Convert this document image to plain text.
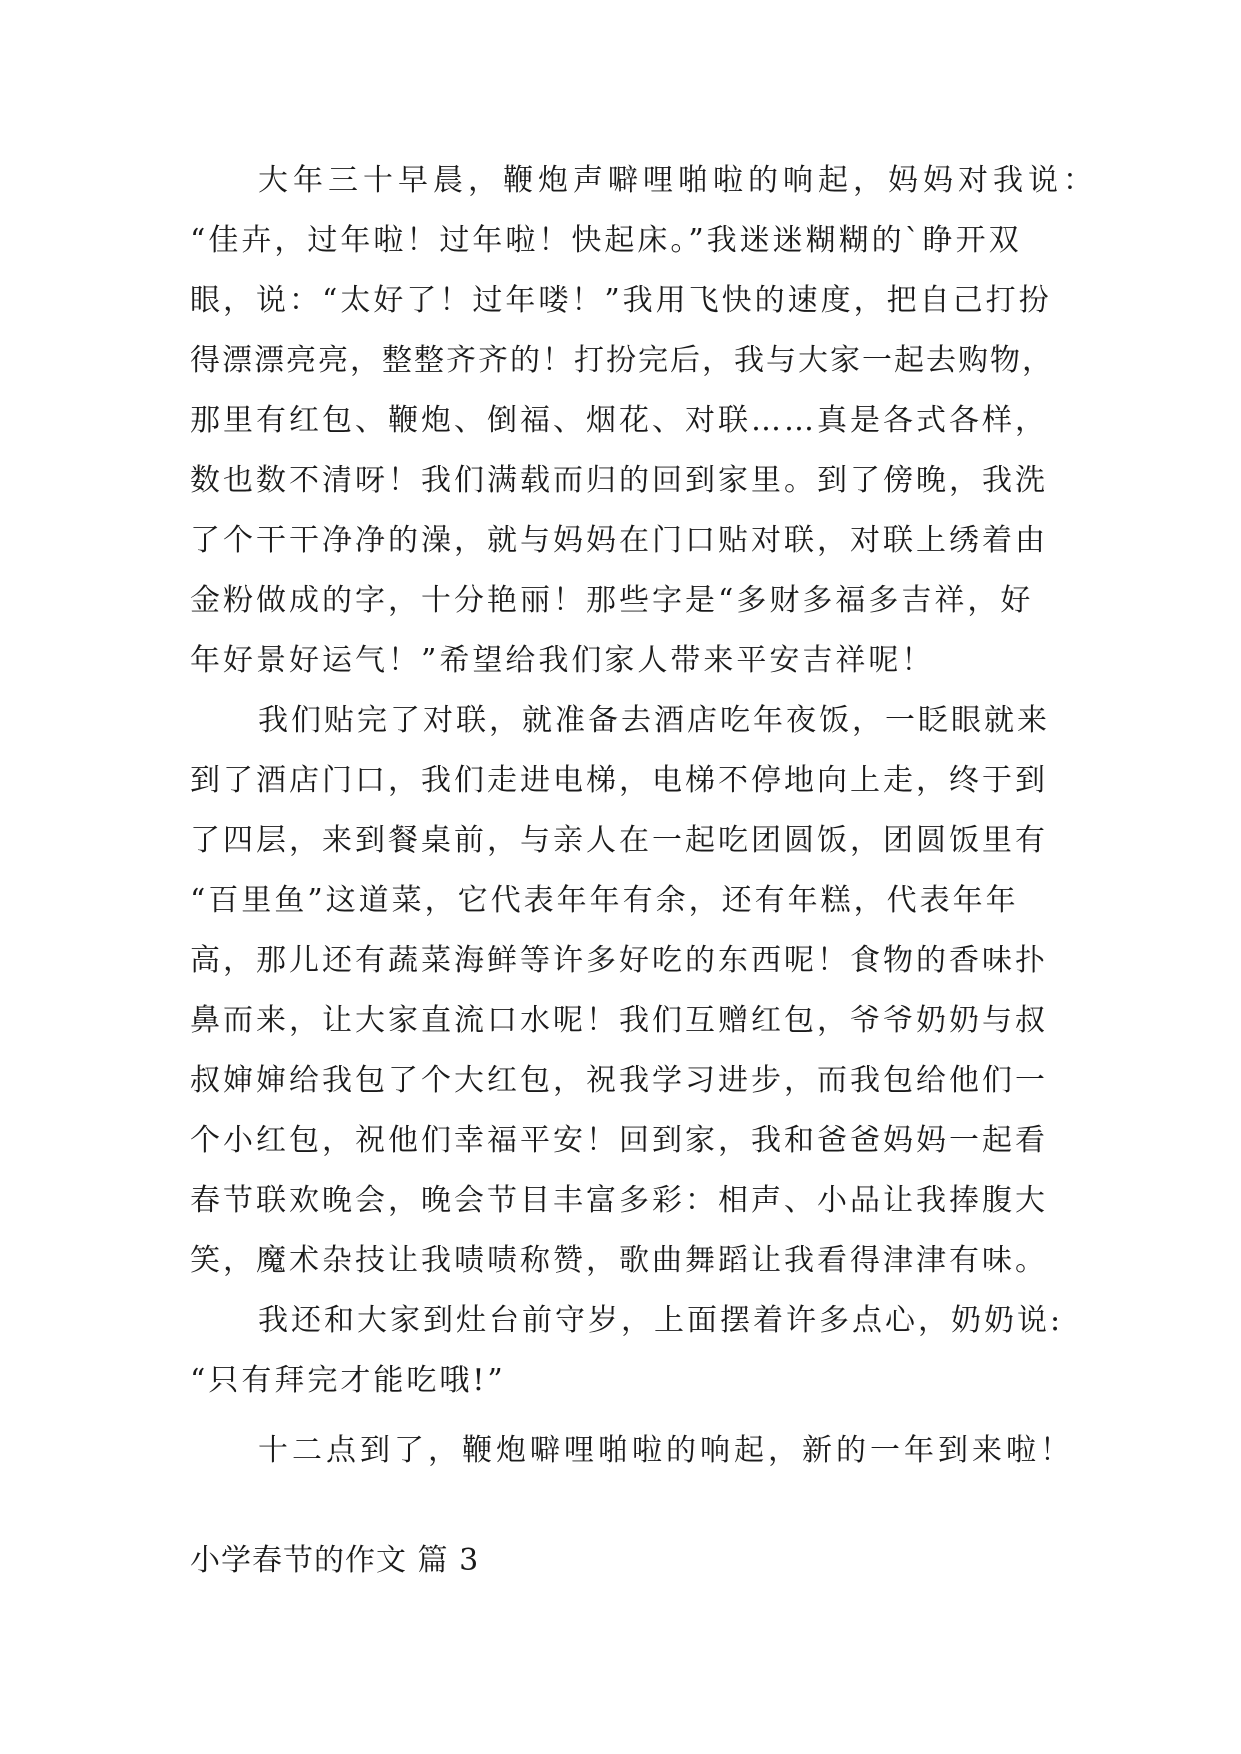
大年三十早晨，鞭炮声噼哩啪啦的响起，妈妈对我说：
“佳卉，过年啦！过年啦！快起床。”我迷迷糊糊的`睁开双
眼，说：“太好了！过年喽！”我用飞快的速度，把自己打扮
得漂漂亮亮，整整齐齐的！打扮完后，我与大家一起去购物，
那里有红包、鞭炮、倒福、烟花、对联……真是各式各样，
数也数不清呀！我们满载而归的回到家里。到了傍晚，我洗
了个干干净净的澡，就与妈妈在门口贴对联，对联上绣着由
金粉做成的字，十分艳丽！那些字是“多财多福多吉祥，好
年好景好运气！”希望给我们家人带来平安吉祥呢！
我们贴完了对联，就准备去酒店吃年夜饭，一眨眼就来
到了酒店门口，我们走进电梯，电梯不停地向上走，终于到
了四层，来到餐桌前，与亲人在一起吃团圆饭，团圆饭里有
“百里鱼”这道菜，它代表年年有余，还有年糕，代表年年
高，那儿还有蔬菜海鲜等许多好吃的东西呢！食物的香味扑
鼻而来，让大家直流口水呢！我们互赠红包，爷爷奶奶与叔
叔婶婶给我包了个大红包，祝我学习进步，而我包给他们一
个小红包，祝他们幸福平安！回到家，我和爸爸妈妈一起看
春节联欢晚会，晚会节目丰富多彩：相声、小品让我捧腹大
笑，魔术杂技让我啧啧称赞，歌曲舞蹈让我看得津津有味。
我还和大家到灶台前守岁，上面摆着许多点心，奶奶说:
“只有拜完才能吃哦!”
十二点到了，鞭炮噼哩啪啦的响起，新的一年到来啦！
小学春节的作文 篇 3
